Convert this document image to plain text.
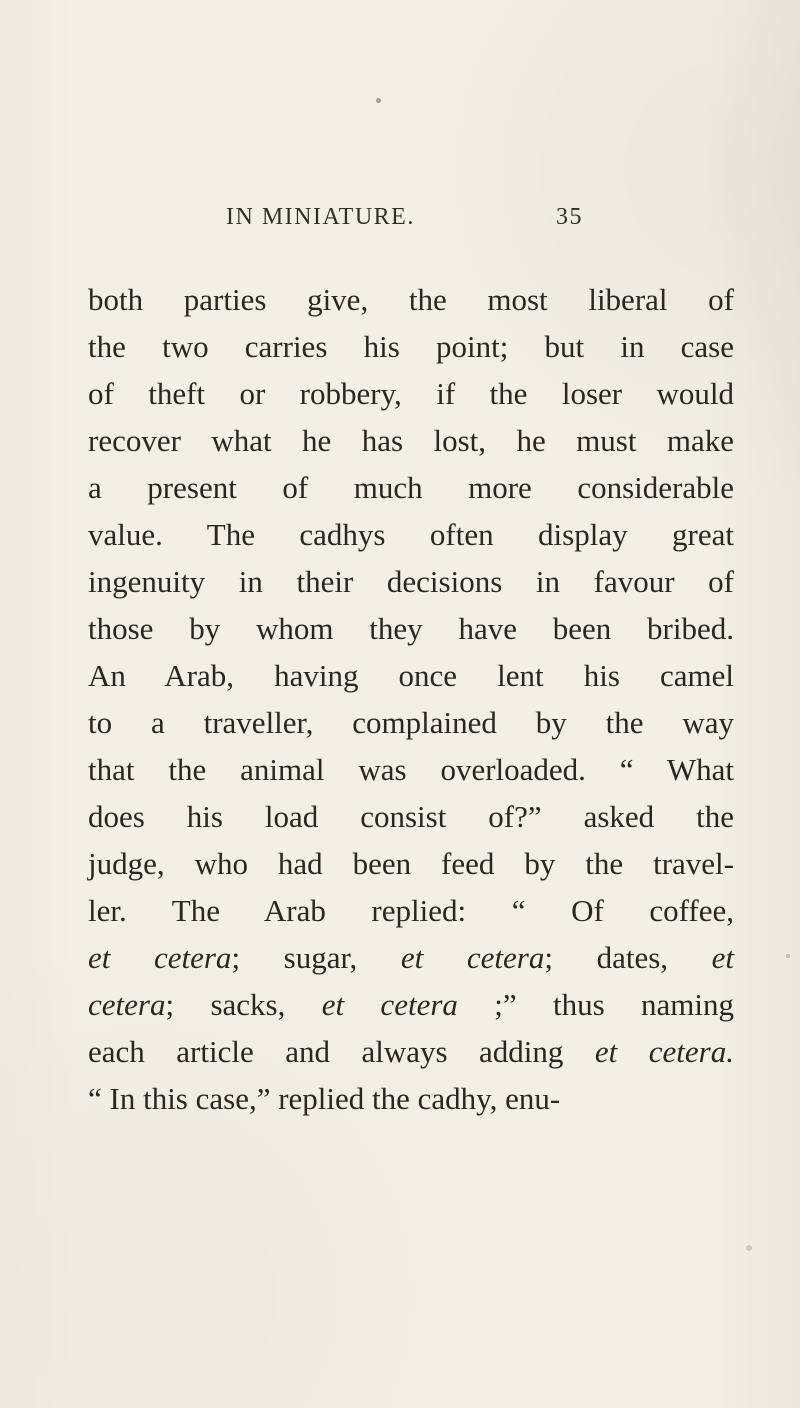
IN MINIATURE.	35
both parties give, the most liberal of
the two carries his point; but in case
of theft or robbery, if the loser would
recover what he has lost, he must make
a present of much more considerable
value. The cadhys often display great
ingenuity in their decisions in favour of
those by whom they have been bribed.
An Arab, having once lent his camel
to a traveller, complained by the way
that the animal was overloaded. “ What
does his load consist of?” asked the
judge, who had been feed by the travel-
ler. The Arab replied: “ Of coffee,
et cetera; sugar, et cetera; dates, et
cetera; sacks, et cetera ;” thus naming
each article and always adding et cetera.
“ In this case,” replied the cadhy, enu-
